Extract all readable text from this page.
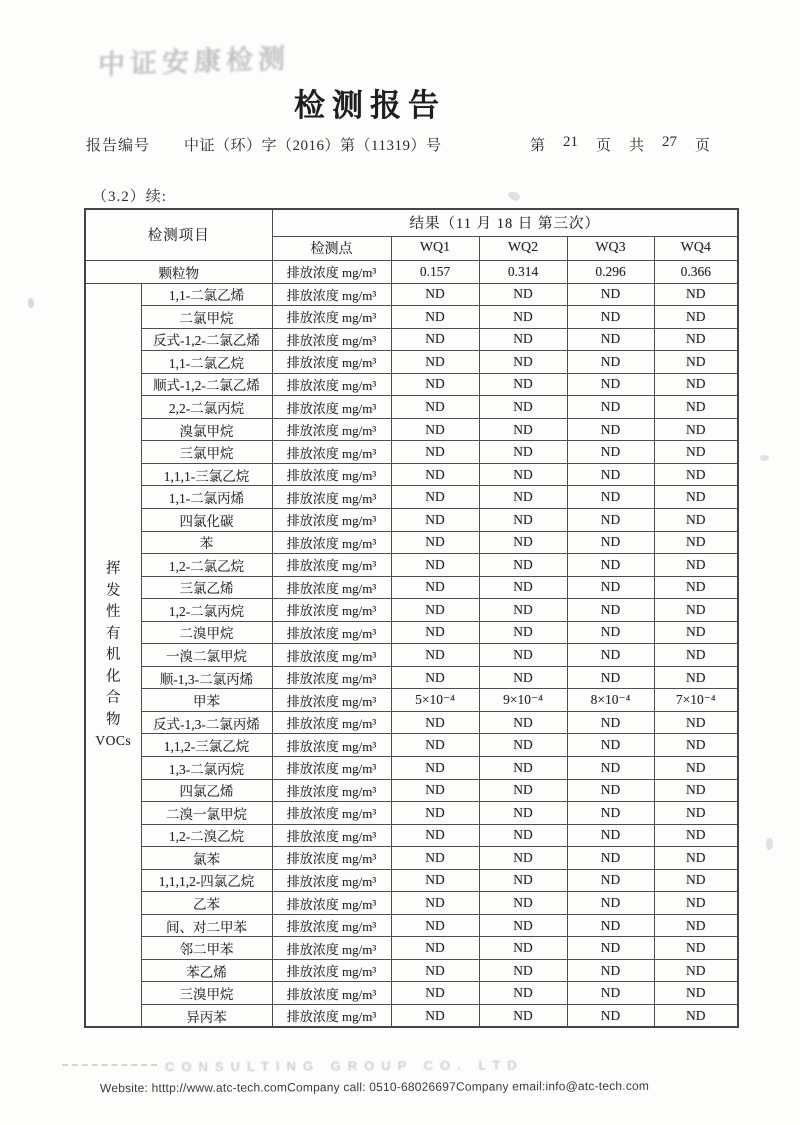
中证安康检测
检测报告
报告编号 中证（环）字（2016）第（11319）号	第 21 页 共 27 页
（3.2）续:
检测项目		结果（11 月 18 日 第三次）				
		检测点	WQ1	WQ2	WQ3	WQ4
颗粒物		排放浓度 mg/m³	0.157	0.314	0.296	0.366

挥
发
性
有
机
化
合
物
VOCs
	1,1-二氯乙烯	排放浓度 mg/m³	ND	ND	ND	ND
	二氯甲烷	排放浓度 mg/m³	ND	ND	ND	ND
	反式-1,2-二氯乙烯	排放浓度 mg/m³	ND	ND	ND	ND
	1,1-二氯乙烷	排放浓度 mg/m³	ND	ND	ND	ND
	顺式-1,2-二氯乙烯	排放浓度 mg/m³	ND	ND	ND	ND
	2,2-二氯丙烷	排放浓度 mg/m³	ND	ND	ND	ND
	溴氯甲烷	排放浓度 mg/m³	ND	ND	ND	ND
	三氯甲烷	排放浓度 mg/m³	ND	ND	ND	ND
	1,1,1-三氯乙烷	排放浓度 mg/m³	ND	ND	ND	ND
	1,1-二氯丙烯	排放浓度 mg/m³	ND	ND	ND	ND
	四氯化碳	排放浓度 mg/m³	ND	ND	ND	ND
	苯	排放浓度 mg/m³	ND	ND	ND	ND
	1,2-二氯乙烷	排放浓度 mg/m³	ND	ND	ND	ND
	三氯乙烯	排放浓度 mg/m³	ND	ND	ND	ND
	1,2-二氯丙烷	排放浓度 mg/m³	ND	ND	ND	ND
	二溴甲烷	排放浓度 mg/m³	ND	ND	ND	ND
	一溴二氯甲烷	排放浓度 mg/m³	ND	ND	ND	ND
	顺-1,3-二氯丙烯	排放浓度 mg/m³	ND	ND	ND	ND
	甲苯	排放浓度 mg/m³	5×10⁻⁴	9×10⁻⁴	8×10⁻⁴	7×10⁻⁴
	反式-1,3-二氯丙烯	排放浓度 mg/m³	ND	ND	ND	ND
	1,1,2-三氯乙烷	排放浓度 mg/m³	ND	ND	ND	ND
	1,3-二氯丙烷	排放浓度 mg/m³	ND	ND	ND	ND
	四氯乙烯	排放浓度 mg/m³	ND	ND	ND	ND
	二溴一氯甲烷	排放浓度 mg/m³	ND	ND	ND	ND
	1,2-二溴乙烷	排放浓度 mg/m³	ND	ND	ND	ND
	氯苯	排放浓度 mg/m³	ND	ND	ND	ND
	1,1,1,2-四氯乙烷	排放浓度 mg/m³	ND	ND	ND	ND
	乙苯	排放浓度 mg/m³	ND	ND	ND	ND
	间、对二甲苯	排放浓度 mg/m³	ND	ND	ND	ND
	邻二甲苯	排放浓度 mg/m³	ND	ND	ND	ND
	苯乙烯	排放浓度 mg/m³	ND	ND	ND	ND
	三溴甲烷	排放浓度 mg/m³	ND	ND	ND	ND
	异丙苯	排放浓度 mg/m³	ND	ND	ND	ND
CONSULTING GROUP CO. LTD
Website: htttp://www.atc-tech.comCompany call: 0510-68026697Company email:info@atc-tech.com
